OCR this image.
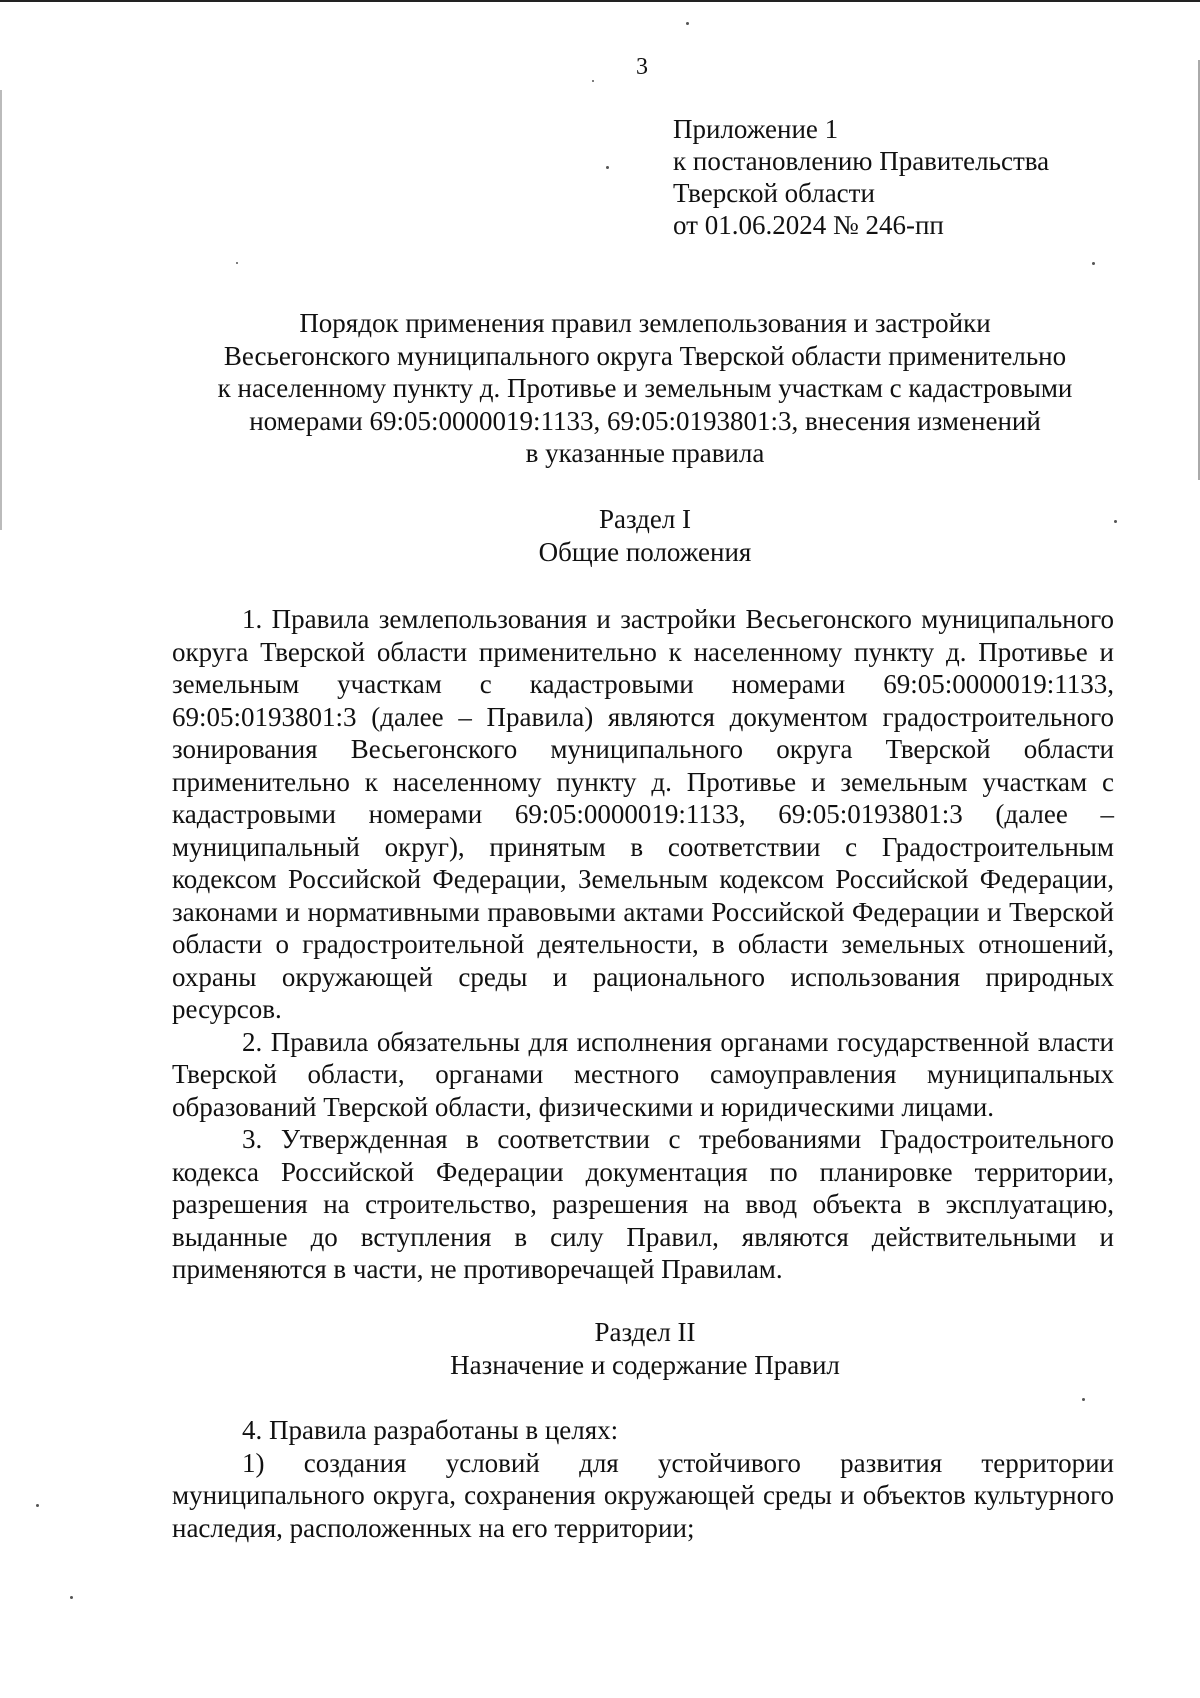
3
Приложение 1
к постановлению Правительства
Тверской области
от 01.06.2024 № 246-пп
Порядок применения правил землепользования и застройки
Весьегонского муниципального округа Тверской области применительно
к населенному пункту д. Противье и земельным участкам с кадастровыми
номерами 69:05:0000019:1133, 69:05:0193801:3, внесения изменений
в указанные правила
Раздел I
Общие положения

1. Правила землепользования и застройки Весьегонского муниципального округа Тверской области применительно к населенному пункту д. Противье и земельным участкам с кадастровыми номерами 69:05:0000019:1133, 69:05:0193801:3 (далее – Правила) являются документом градостроительного зонирования Весьегонского муниципального округа Тверской области применительно к населенному пункту д. Противье и земельным участкам с кадастровыми номерами 69:05:0000019:1133, 69:05:0193801:3 (далее – муниципальный округ), принятым в соответствии с Градостроительным кодексом Российской Федерации, Земельным кодексом Российской Федерации, законами и нормативными правовыми актами Российской Федерации и Тверской области о градостроительной деятельности, в области земельных отношений, охраны окружающей среды и рационального использования природных ресурсов.

2. Правила обязательны для исполнения органами государственной власти Тверской области, органами местного самоуправления муниципальных образований Тверской области, физическими и юридическими лицами.

3. Утвержденная в соответствии с требованиями Градостроительного кодекса Российской Федерации документация по планировке территории, разрешения на строительство, разрешения на ввод объекта в эксплуатацию, выданные до вступления в силу Правил, являются действительными и применяются в части, не противоречащей Правилам.

Раздел II
Назначение и содержание Правил

4. Правила разработаны в целях:

1) создания условий для устойчивого развития территории муниципального округа, сохранения окружающей среды и объектов культурного наследия, расположенных на его территории;
